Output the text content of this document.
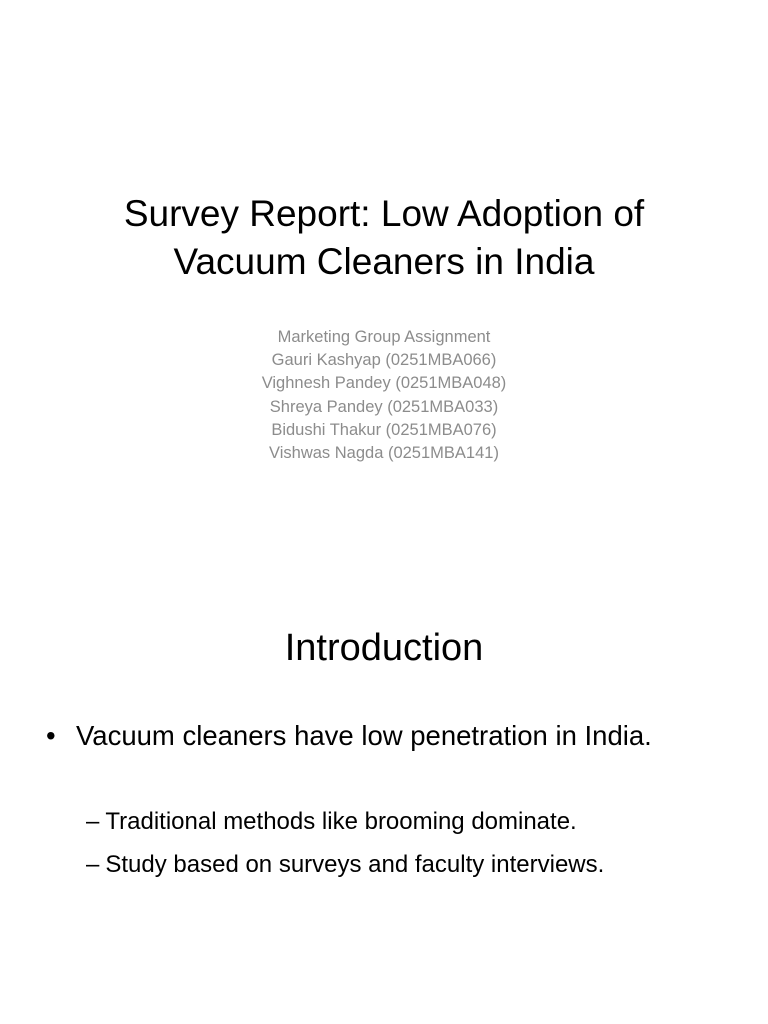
Survey Report: Low Adoption of
Vacuum Cleaners in India
Marketing Group Assignment
Gauri Kashyap (0251MBA066)
Vighnesh Pandey (0251MBA048)
Shreya Pandey (0251MBA033)
Bidushi Thakur (0251MBA076)
Vishwas Nagda (0251MBA141)
Introduction
• Vacuum cleaners have low penetration in India.
– Traditional methods like brooming dominate.
– Study based on surveys and faculty interviews.
